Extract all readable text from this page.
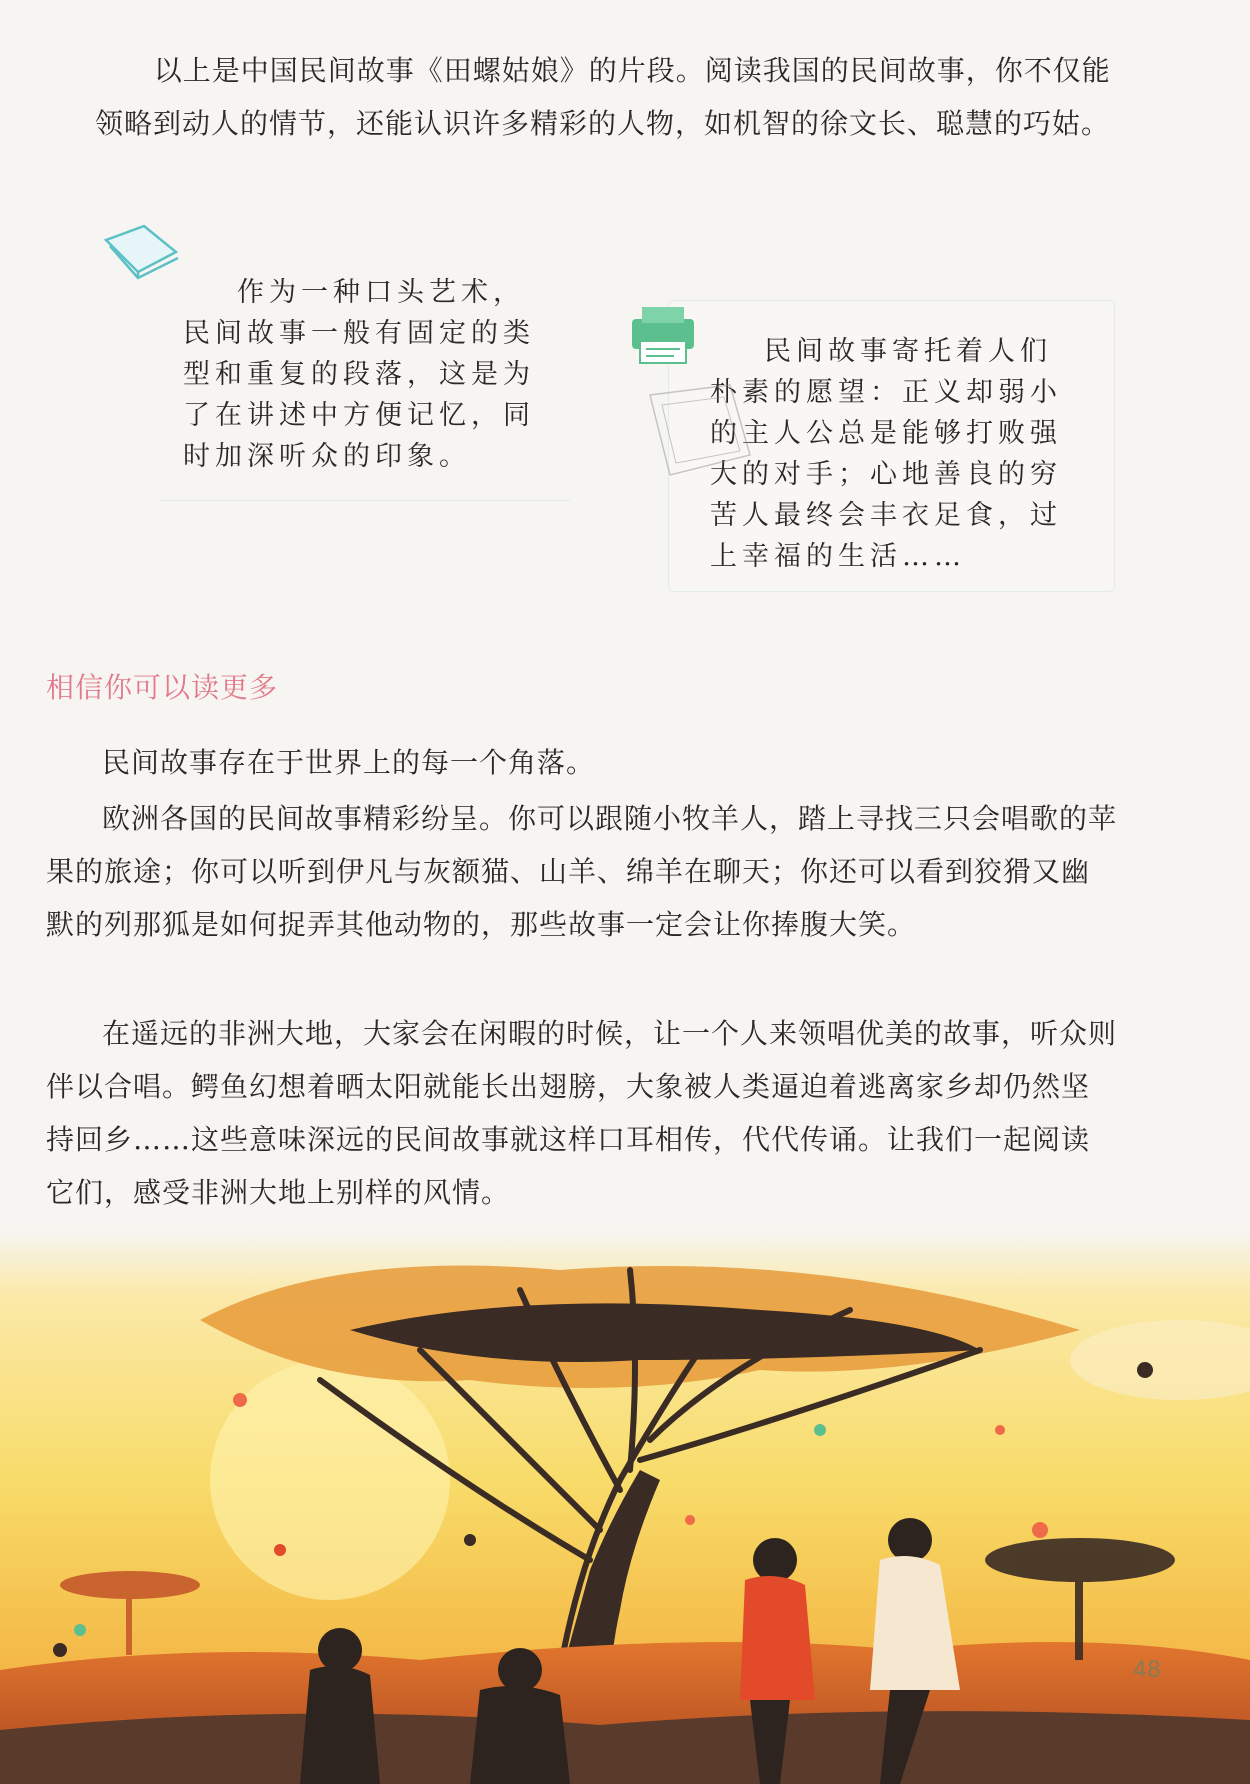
以上是中国民间故事《田螺姑娘》的片段。阅读我国的民间故事，你不仅能领略到动人的情节，还能认识许多精彩的人物，如机智的徐文长、聪慧的巧姑。

作为一种口头艺术，民间故事一般有固定的类型和重复的段落，这是为了在讲述中方便记忆，同时加深听众的印象。

民间故事寄托着人们朴素的愿望：正义却弱小的主人公总是能够打败强大的对手；心地善良的穷苦人最终会丰衣足食，过上幸福的生活……

相信你可以读更多

民间故事存在于世界上的每一个角落。

欧洲各国的民间故事精彩纷呈。你可以跟随小牧羊人，踏上寻找三只会唱歌的苹果的旅途；你可以听到伊凡与灰额猫、山羊、绵羊在聊天；你还可以看到狡猾又幽默的列那狐是如何捉弄其他动物的，那些故事一定会让你捧腹大笑。

在遥远的非洲大地，大家会在闲暇的时候，让一个人来领唱优美的故事，听众则伴以合唱。鳄鱼幻想着晒太阳就能长出翅膀，大象被人类逼迫着逃离家乡却仍然坚持回乡……这些意味深远的民间故事就这样口耳相传，代代传诵。让我们一起阅读它们，感受非洲大地上别样的风情。

48
